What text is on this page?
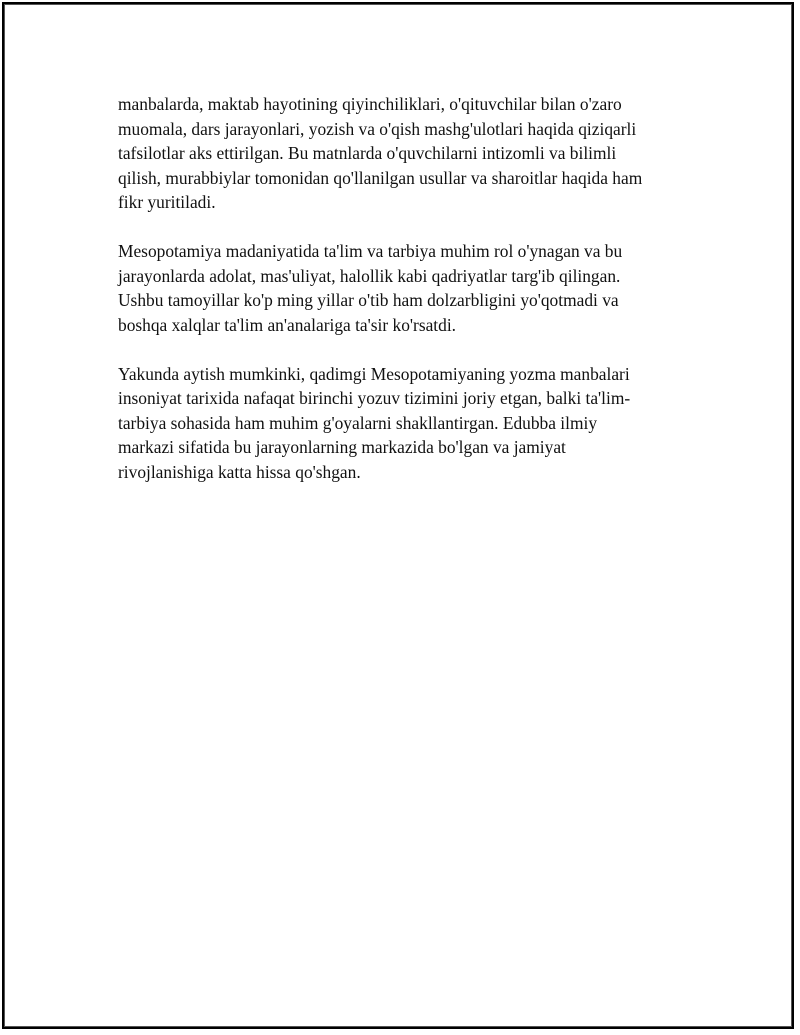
manbalarda, maktab hayotining qiyinchiliklari, o'qituvchilar bilan o'zaro
muomala, dars jarayonlari, yozish va o'qish mashg'ulotlari haqida qiziqarli
tafsilotlar aks ettirilgan. Bu matnlarda o'quvchilarni intizomli va bilimli
qilish, murabbiylar tomonidan qo'llanilgan usullar va sharoitlar haqida ham
fikr yuritiladi.

Mesopotamiya madaniyatida ta'lim va tarbiya muhim rol o'ynagan va bu
jarayonlarda adolat, mas'uliyat, halollik kabi qadriyatlar targ'ib qilingan.
Ushbu tamoyillar ko'p ming yillar o'tib ham dolzarbligini yo'qotmadi va
boshqa xalqlar ta'lim an'analariga ta'sir ko'rsatdi.

Yakunda aytish mumkinki, qadimgi Mesopotamiyaning yozma manbalari
insoniyat tarixida nafaqat birinchi yozuv tizimini joriy etgan, balki ta'lim-
tarbiya sohasida ham muhim g'oyalarni shakllantirgan. Edubba ilmiy
markazi sifatida bu jarayonlarning markazida bo'lgan va jamiyat
rivojlanishiga katta hissa qo'shgan.
